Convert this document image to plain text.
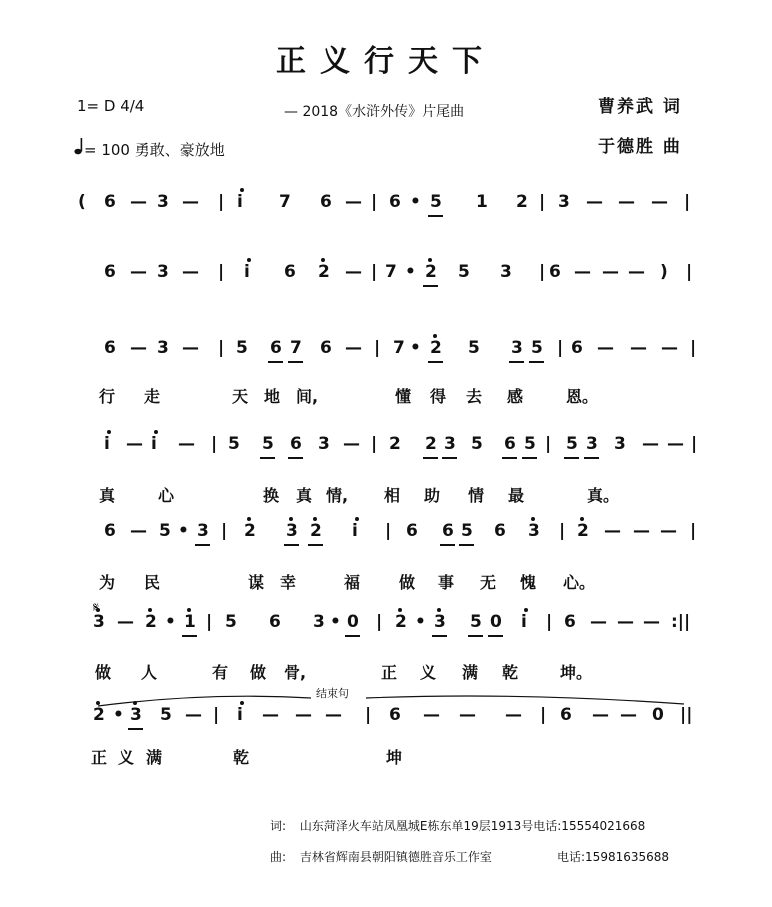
正义行天下
1= D 4/4	— 2018《水浒外传》片尾曲	曹养武 词
= 100 勇敢、豪放地	于德胜 曲
( 6 — 3 — | i 7 6 — | 6 • 5 1 2 | 3 — — — |
6 — 3 — | i 6 2 — | 7 • 2 5 3 | 6 — — — ) |
6 — 3 — | 5 6 7 6 — | 7 • 2 5 3 5 | 6 — — — |
行 走	天 地 间,	懂 得 去 感	恩。
i — i — | 5 5 6 3 — | 2 2 3 5 6 5 | 5 3 3 — — |
真	心	换 真 情, 相 助 情 最	真。
6 — 5 • 3 | 2 3 2 i | 6 6 5 6 3 | 2 — — — |
为 民	谋 幸	福 做 事 无 愧 心。
3 — 2 • 1 | 5 6 3 • 0 | 2 • 3 5 0 i | 6 — — — :||
做 人	有 做 骨,	正 义 满 乾	坤。
2 • 3 5 — | i — — — | 6 — — — | 6 — — 0 ||
正 义 满	乾	坤
结束句
𝄋
词: 山东菏泽火车站凤凰城E栋东单19层1913号电话:15554021668
曲: 吉林省辉南县朝阳镇德胜音乐工作室	电话:15981635688
